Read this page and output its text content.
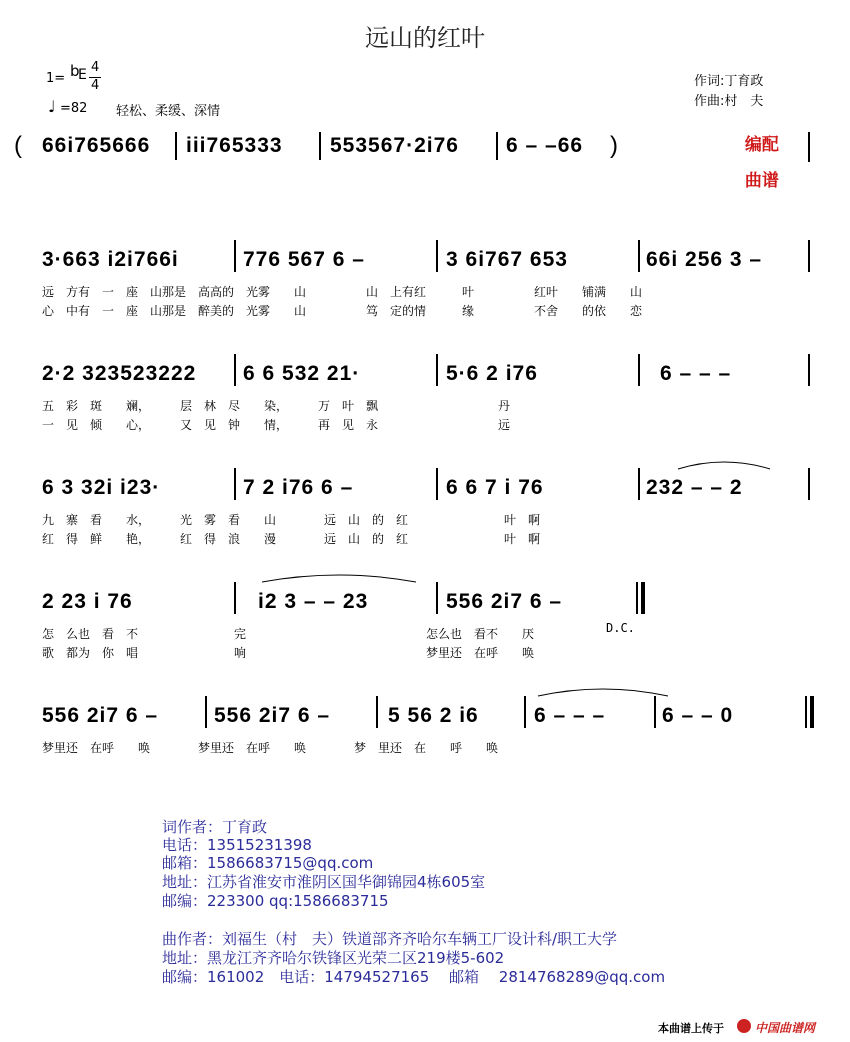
远山的红叶
1= b
E 4
4
♩ =82 轻松、柔缓、深情
作词:丁育政
作曲:村　夫

编配

曲谱

( 66i765666 iii765333 553567·2i76 6 – –66 )
3·663 i2i766i	776 567 6 –	3 6i767 653	66i 256 3 –
远　方有　一　座　山那是　高高的　光雾　　山　　　　　山　上有红　　　叶　　　　　红叶　　铺满　　山
心　中有　一　座　山那是　醉美的　光雾　　山　　　　　笃　定的情　　　缘　　　　　不舍　　的依　　恋
2·2 323523222 6 6 532 21·	5·6 2 i76	6 – – –
五　彩　斑　　斓，　　　层　林　尽　　染，　　　万　叶　飘　　　　　　　　　　丹
一　见　倾　　心，　　　又　见　钟　　情，　　　再　见　永　　　　　　　　　　远
6 3 32i i23·	7 2 i76 6 –	6 6 7 i 76	232 – – 2
九　寨　看　　水，　　　光　雾　看　　山　　　　远　山　的　红　　　　　　　　叶　啊
红　得　鲜　　艳，　　　红　得　浪　　漫　　　　远　山　的　红　　　　　　　　叶　啊
2 23 i 76	i2 3 – – 23	556 2i7 6 –
D.C.
怎　么也　看　不　　　　　　　　完　　　　　　　　　　　　　　　怎么也　看不　　厌
歌　都为　你　唱　　　　　　　　响　　　　　　　　　　　　　　　梦里还　在呼　　唤
556 2i7 6 –	556 2i7 6 –	5 56 2 i6	6 – – –	6 – – 0
梦里还　在呼　　唤　　　　梦里还　在呼　　唤　　　　梦　里还　在　　呼　　唤
词作者：丁育政
电话：13515231398
邮箱：1586683715@qq.com
地址：江苏省淮安市淮阴区国华御锦园4栋605室
邮编：223300 qq:1586683715
曲作者：刘福生（村　夫）铁道部齐齐哈尔车辆工厂设计科/职工大学
地址：黑龙江齐齐哈尔铁锋区光荣二区219楼5-602
邮编：161002　电话：14794527165　 邮箱　 2814768289@qq.com
本曲谱上传于	中国曲谱网
